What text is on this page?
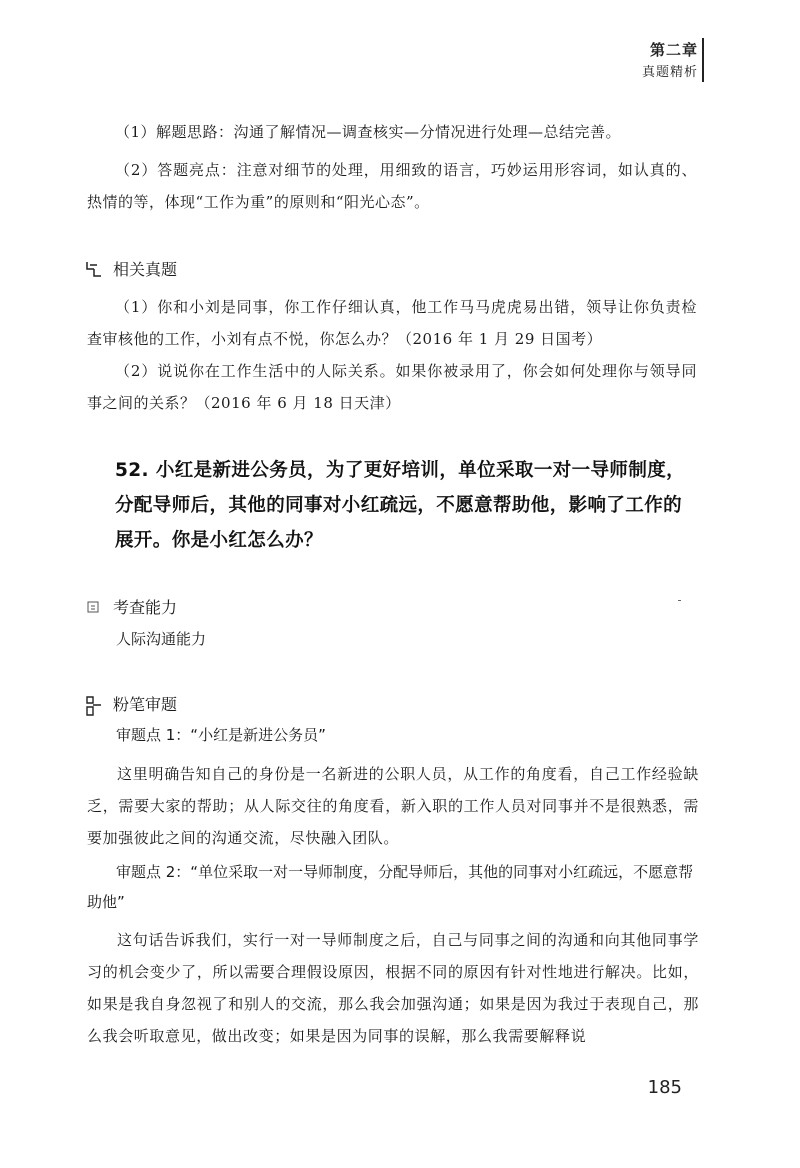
第二章
真题精析

（1）解题思路：沟通了解情况—调查核实—分情况进行处理—总结完善。

（2）答题亮点：注意对细节的处理，用细致的语言，巧妙运用形容词，如认真的、热情的等，体现“工作为重”的原则和“阳光心态”。

相关真题

（1）你和小刘是同事，你工作仔细认真，他工作马马虎虎易出错，领导让你负责检查审核他的工作，小刘有点不悦，你怎么办？（2016 年 1 月 29 日国考）

（2）说说你在工作生活中的人际关系。如果你被录用了，你会如何处理你与领导同事之间的关系？（2016 年 6 月 18 日天津）

52. 小红是新进公务员，为了更好培训，单位采取一对一导师制度，分配导师后，其他的同事对小红疏远，不愿意帮助他，影响了工作的展开。你是小红怎么办？

考查能力
人际沟通能力
粉笔审题

审题点 1：“小红是新进公务员”

这里明确告知自己的身份是一名新进的公职人员，从工作的角度看，自己工作经验缺乏，需要大家的帮助；从人际交往的角度看，新入职的工作人员对同事并不是很熟悉，需要加强彼此之间的沟通交流，尽快融入团队。

审题点 2：“单位采取一对一导师制度，分配导师后，其他的同事对小红疏远，不愿意帮助他”

这句话告诉我们，实行一对一导师制度之后，自己与同事之间的沟通和向其他同事学习的机会变少了，所以需要合理假设原因，根据不同的原因有针对性地进行解决。比如，如果是我自身忽视了和别人的交流，那么我会加强沟通；如果是因为我过于表现自己，那么我会听取意见，做出改变；如果是因为同事的误解，那么我需要解释说

185
